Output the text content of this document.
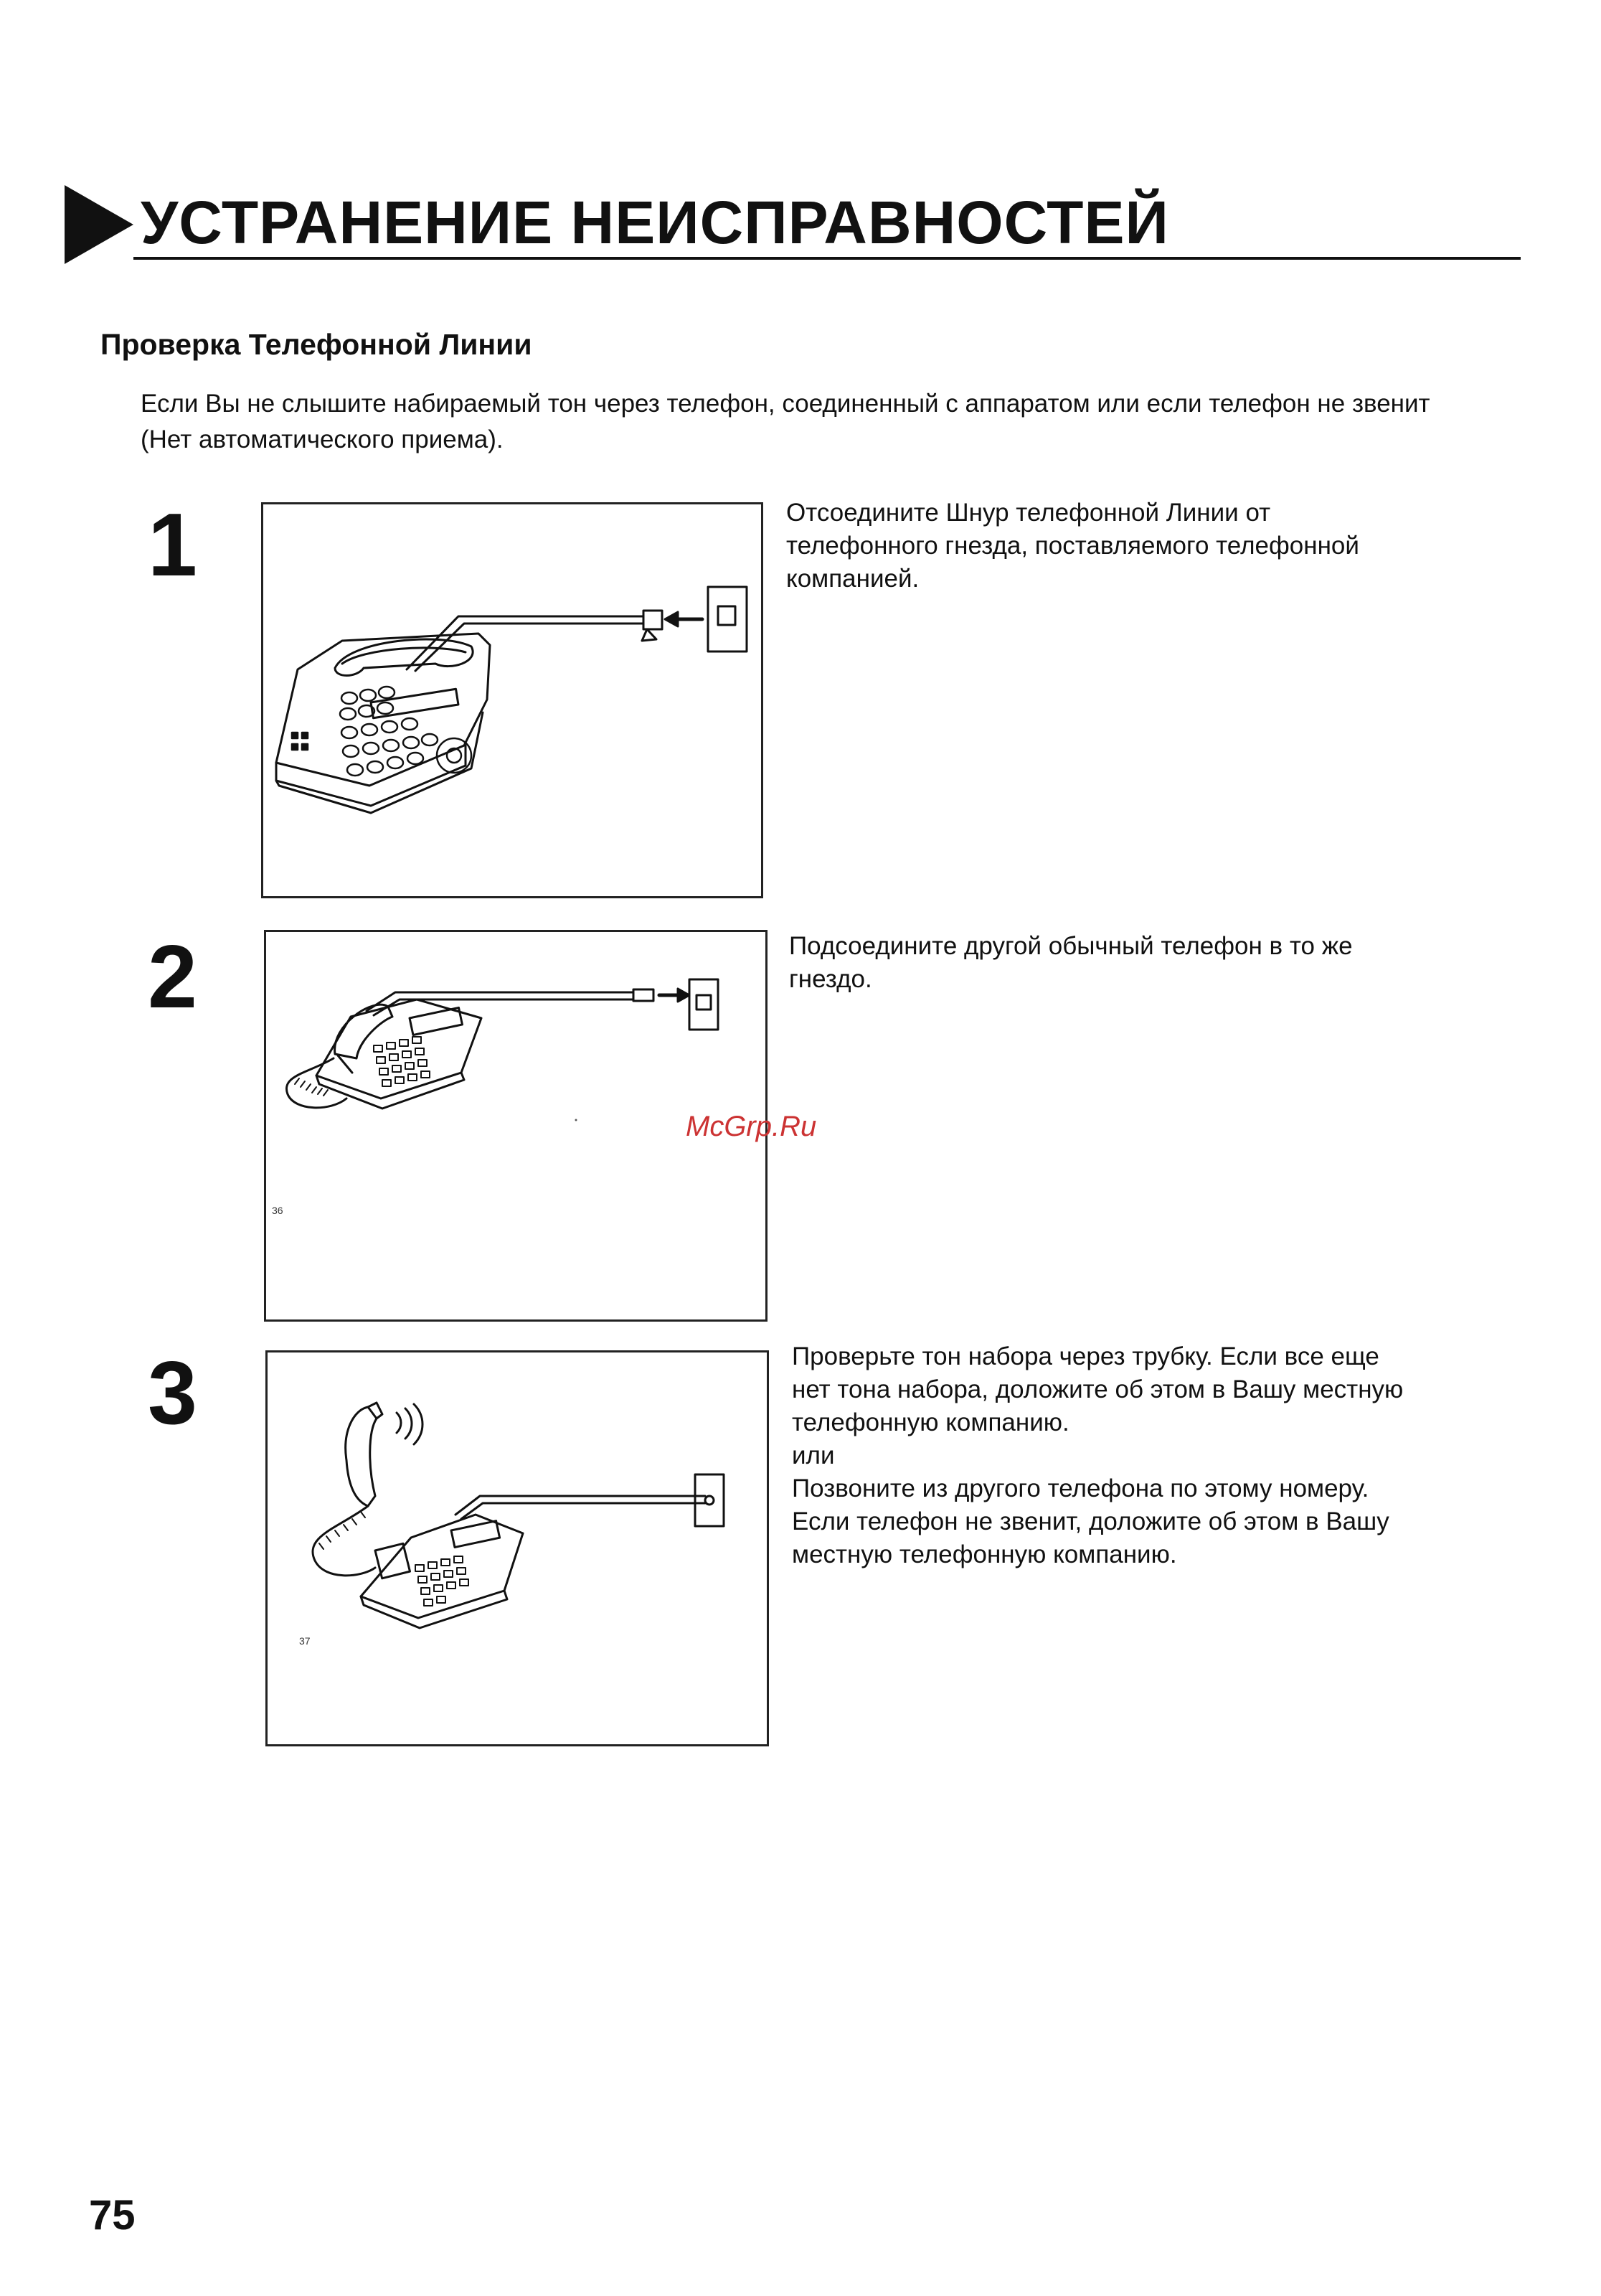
УСТРАНЕНИЕ НЕИСПРАВНОСТЕЙ
Проверка Телефонной Линии
Если Вы не слышите набираемый тон через телефон, соединенный с аппаратом или если телефон не звенит (Нет автоматического приема).
1	Отсоедините Шнур телефонной Линии от
телефонного гнезда, поставляемого телефонной
компанией.
2
36
Подсоедините другой обычный телефон в то же
гнездо.
3
37
Проверьте тон набора через трубку. Если все еще
нет тона набора, доложите об этом в Вашу местную
телефонную компанию.
или
Позвоните из другого телефона по этому номеру.
Если телефон не звенит, доложите об этом в Вашу
местную телефонную компанию.
McGrp.Ru
75
